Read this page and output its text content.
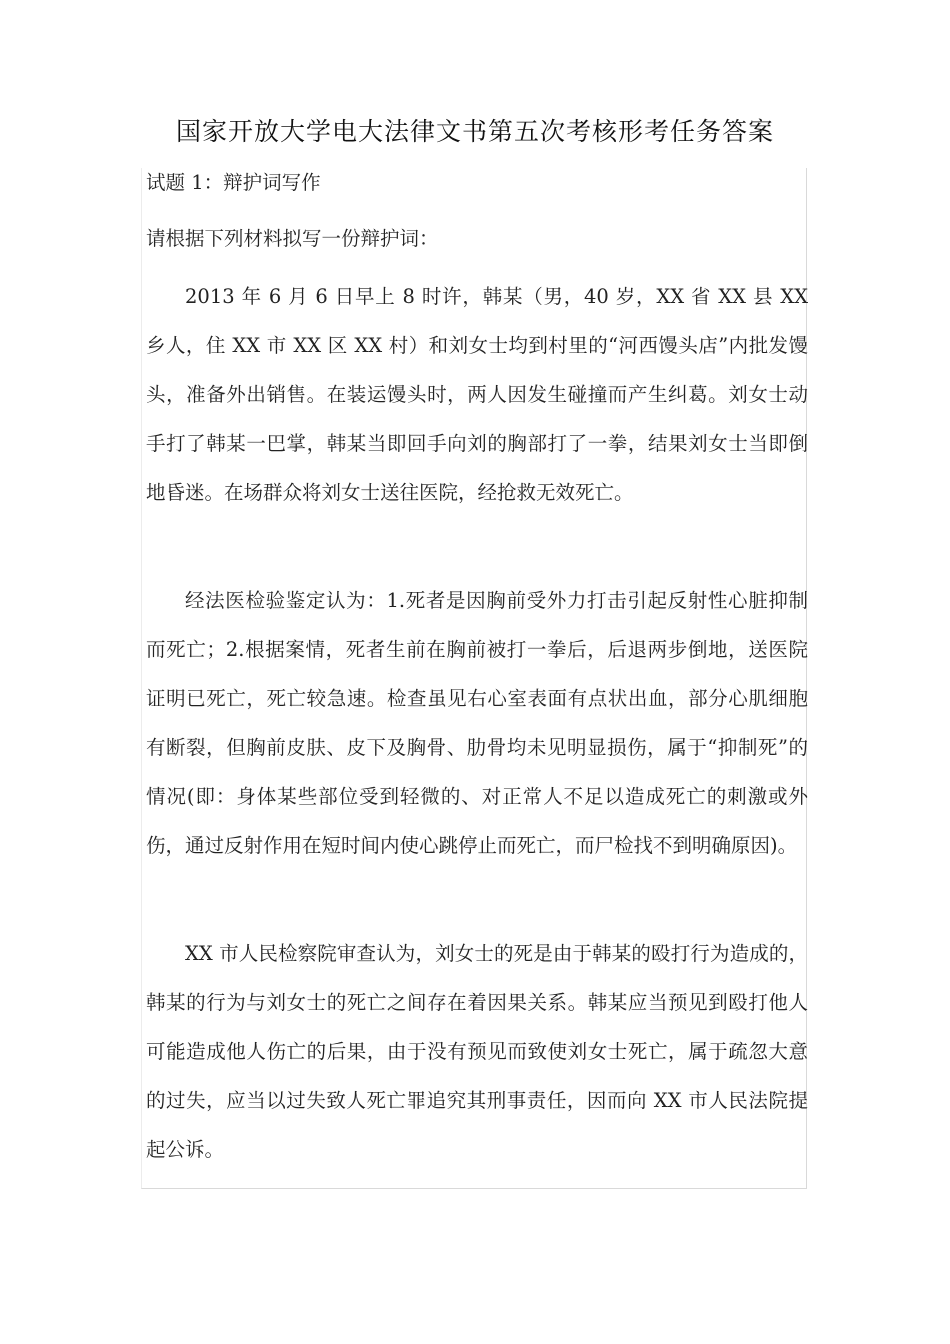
国家开放大学电大法律文书第五次考核形考任务答案

试题 1：辩护词写作

请根据下列材料拟写一份辩护词：

2013 年 6 月 6 日早上 8 时许，韩某（男，40 岁，XX 省 XX 县 XX 乡人，住 XX 市 XX 区 XX 村）和刘女士均到村里的“河西馒头店”内批发馒头，准备外出销售。在装运馒头时，两人因发生碰撞而产生纠葛。刘女士动手打了韩某一巴掌，韩某当即回手向刘的胸部打了一拳，结果刘女士当即倒地昏迷。在场群众将刘女士送往医院，经抢救无效死亡。

经法医检验鉴定认为：1.死者是因胸前受外力打击引起反射性心脏抑制而死亡；2.根据案情，死者生前在胸前被打一拳后，后退两步倒地，送医院证明已死亡，死亡较急速。检查虽见右心室表面有点状出血，部分心肌细胞有断裂，但胸前皮肤、皮下及胸骨、肋骨均未见明显损伤，属于“抑制死”的情况(即：身体某些部位受到轻微的、对正常人不足以造成死亡的刺激或外伤，通过反射作用在短时间内使心跳停止而死亡，而尸检找不到明确原因)。

XX 市人民检察院审查认为，刘女士的死是由于韩某的殴打行为造成的，韩某的行为与刘女士的死亡之间存在着因果关系。韩某应当预见到殴打他人可能造成他人伤亡的后果，由于没有预见而致使刘女士死亡，属于疏忽大意的过失，应当以过失致人死亡罪追究其刑事责任，因而向 XX 市人民法院提起公诉。
